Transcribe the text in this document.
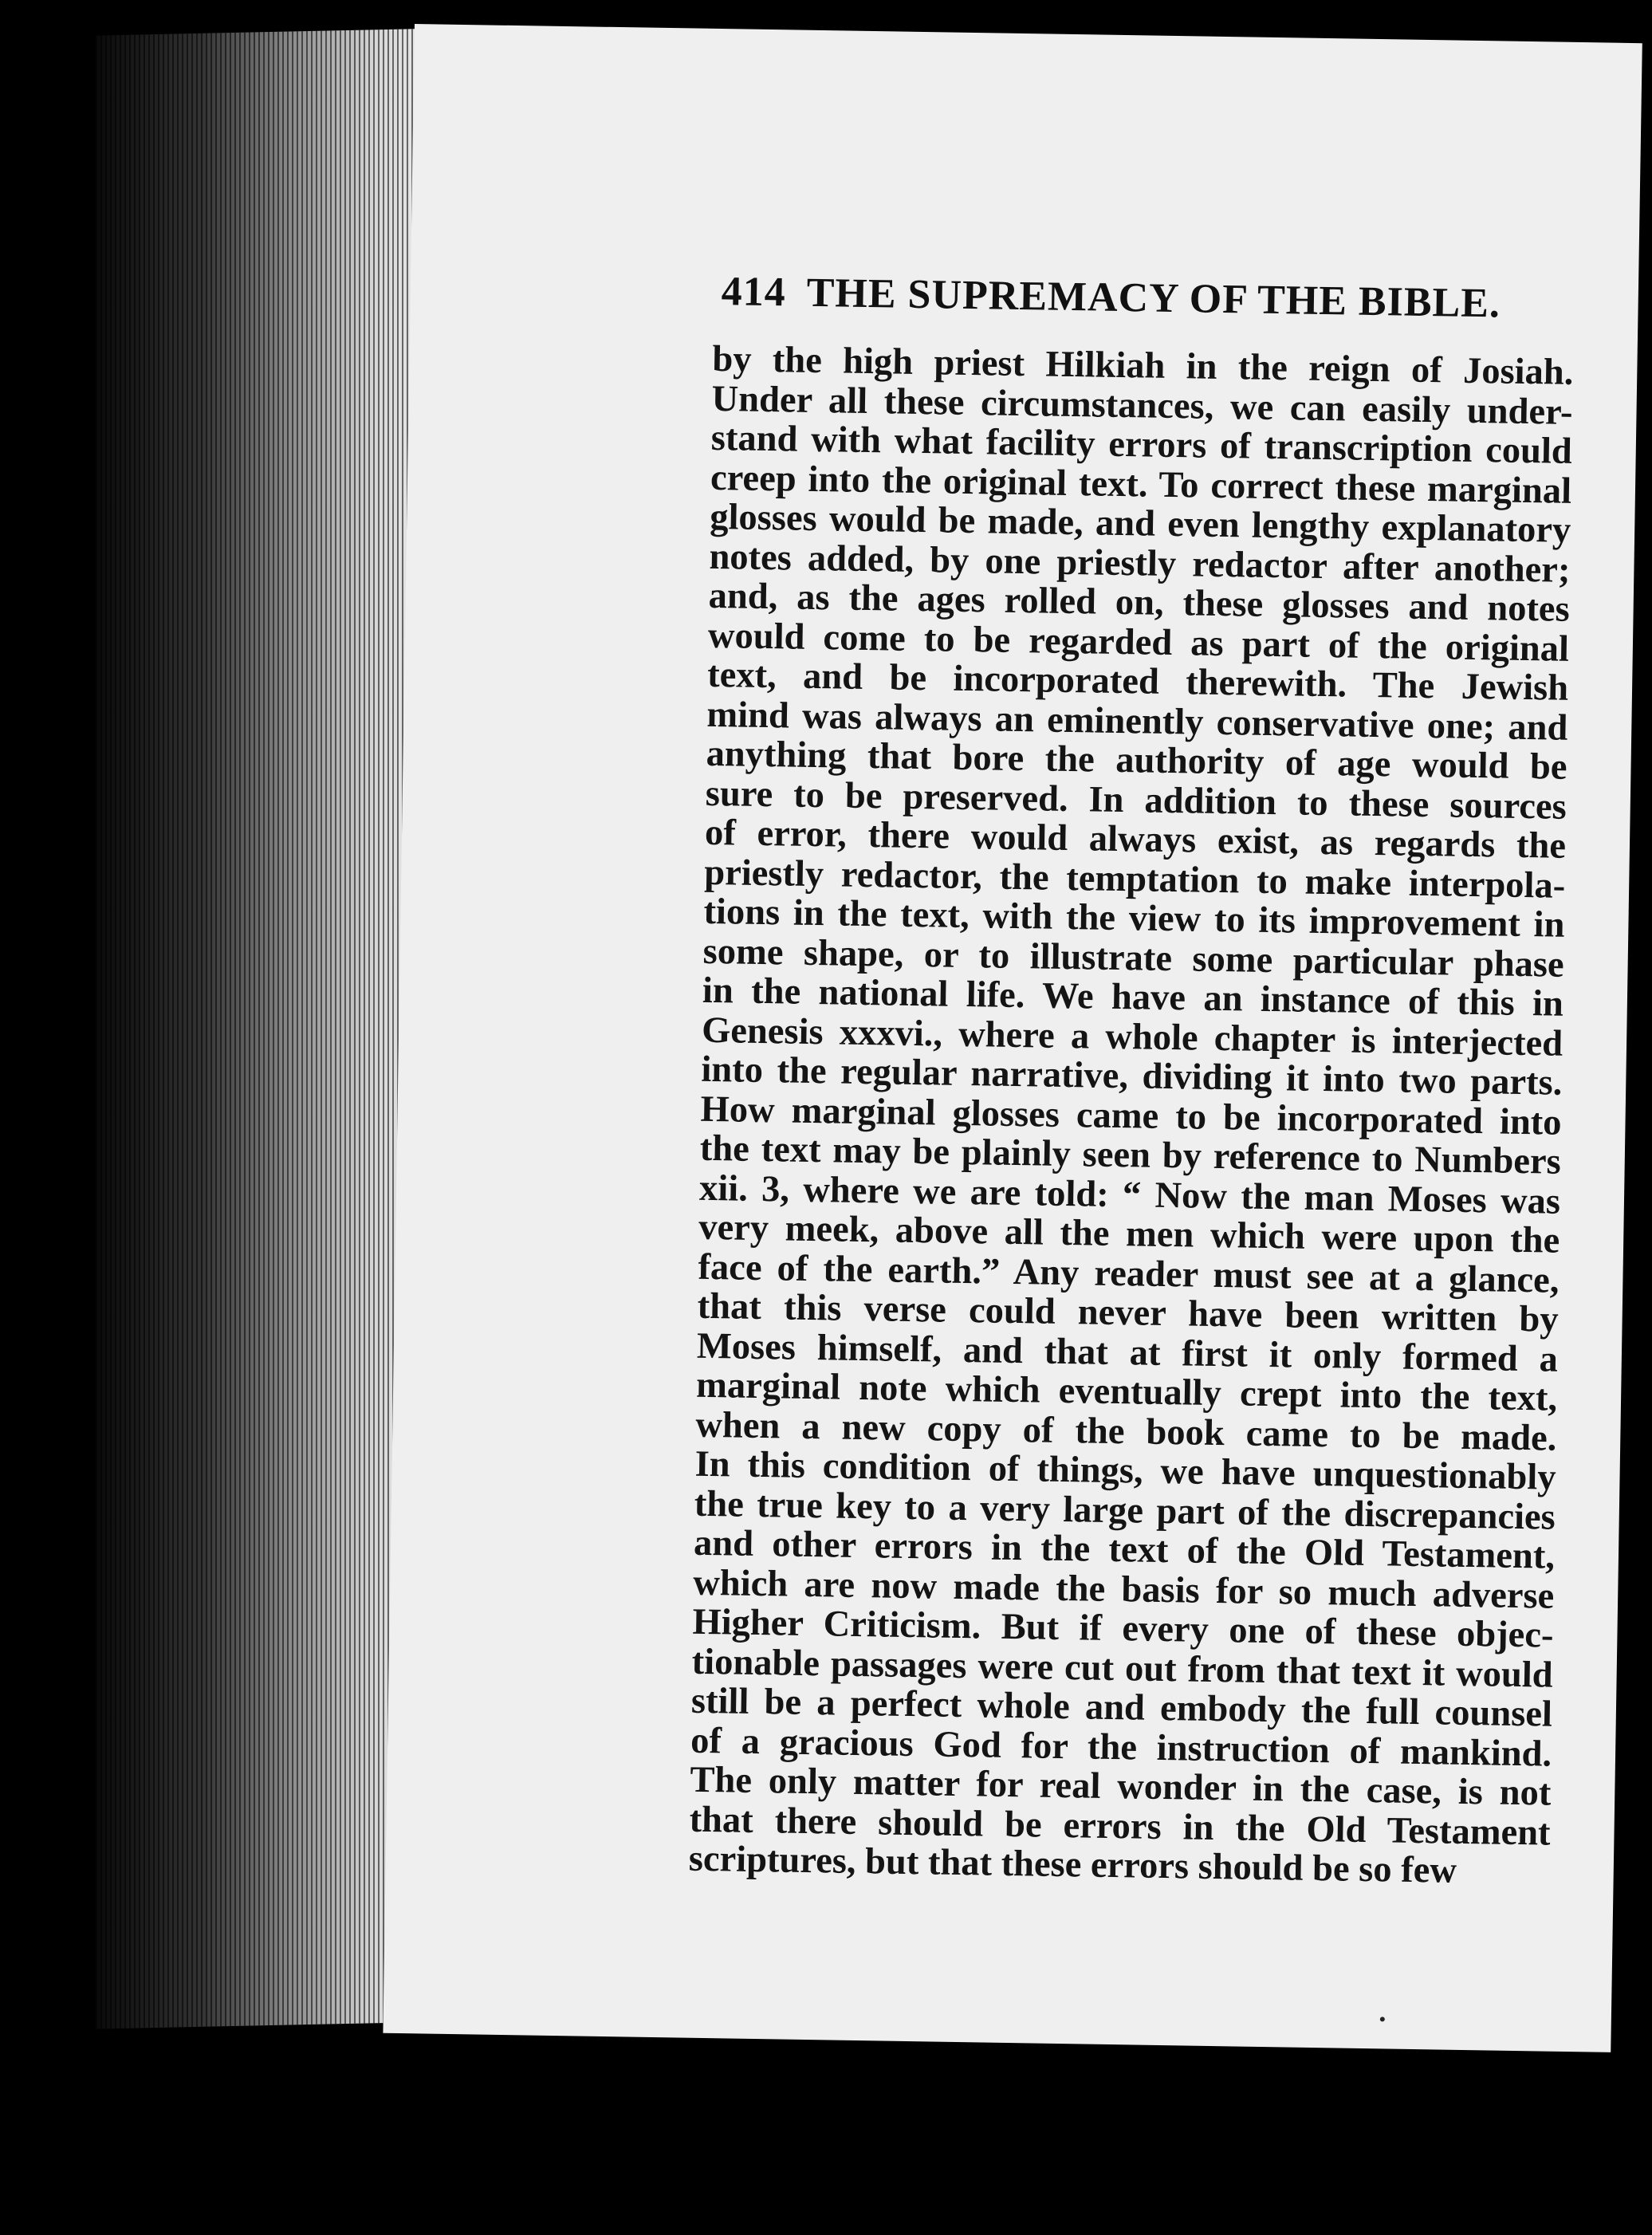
414 THE SUPREMACY OF THE BIBLE.
by the high priest Hilkiah in the reign of Josiah.
Under all these circumstances, we can easily under-
stand with what facility errors of transcription could
creep into the original text. To correct these marginal
glosses would be made, and even lengthy explanatory
notes added, by one priestly redactor after another;
and, as the ages rolled on, these glosses and notes
would come to be regarded as part of the original
text, and be incorporated therewith. The Jewish
mind was always an eminently conservative one; and
anything that bore the authority of age would be
sure to be preserved. In addition to these sources
of error, there would always exist, as regards the
priestly redactor, the temptation to make interpola-
tions in the text, with the view to its improvement in
some shape, or to illustrate some particular phase
in the national life. We have an instance of this in
Genesis xxxvi., where a whole chapter is interjected
into the regular narrative, dividing it into two parts.
How marginal glosses came to be incorporated into
the text may be plainly seen by reference to Numbers
xii. 3, where we are told: “ Now the man Moses was
very meek, above all the men which were upon the
face of the earth.” Any reader must see at a glance,
that this verse could never have been written by
Moses himself, and that at first it only formed a
marginal note which eventually crept into the text,
when a new copy of the book came to be made.
In this condition of things, we have unquestionably
the true key to a very large part of the discrepancies
and other errors in the text of the Old Testament,
which are now made the basis for so much adverse
Higher Criticism. But if every one of these objec-
tionable passages were cut out from that text it would
still be a perfect whole and embody the full counsel
of a gracious God for the instruction of mankind.
The only matter for real wonder in the case, is not
that there should be errors in the Old Testament
scriptures, but that these errors should be so few
